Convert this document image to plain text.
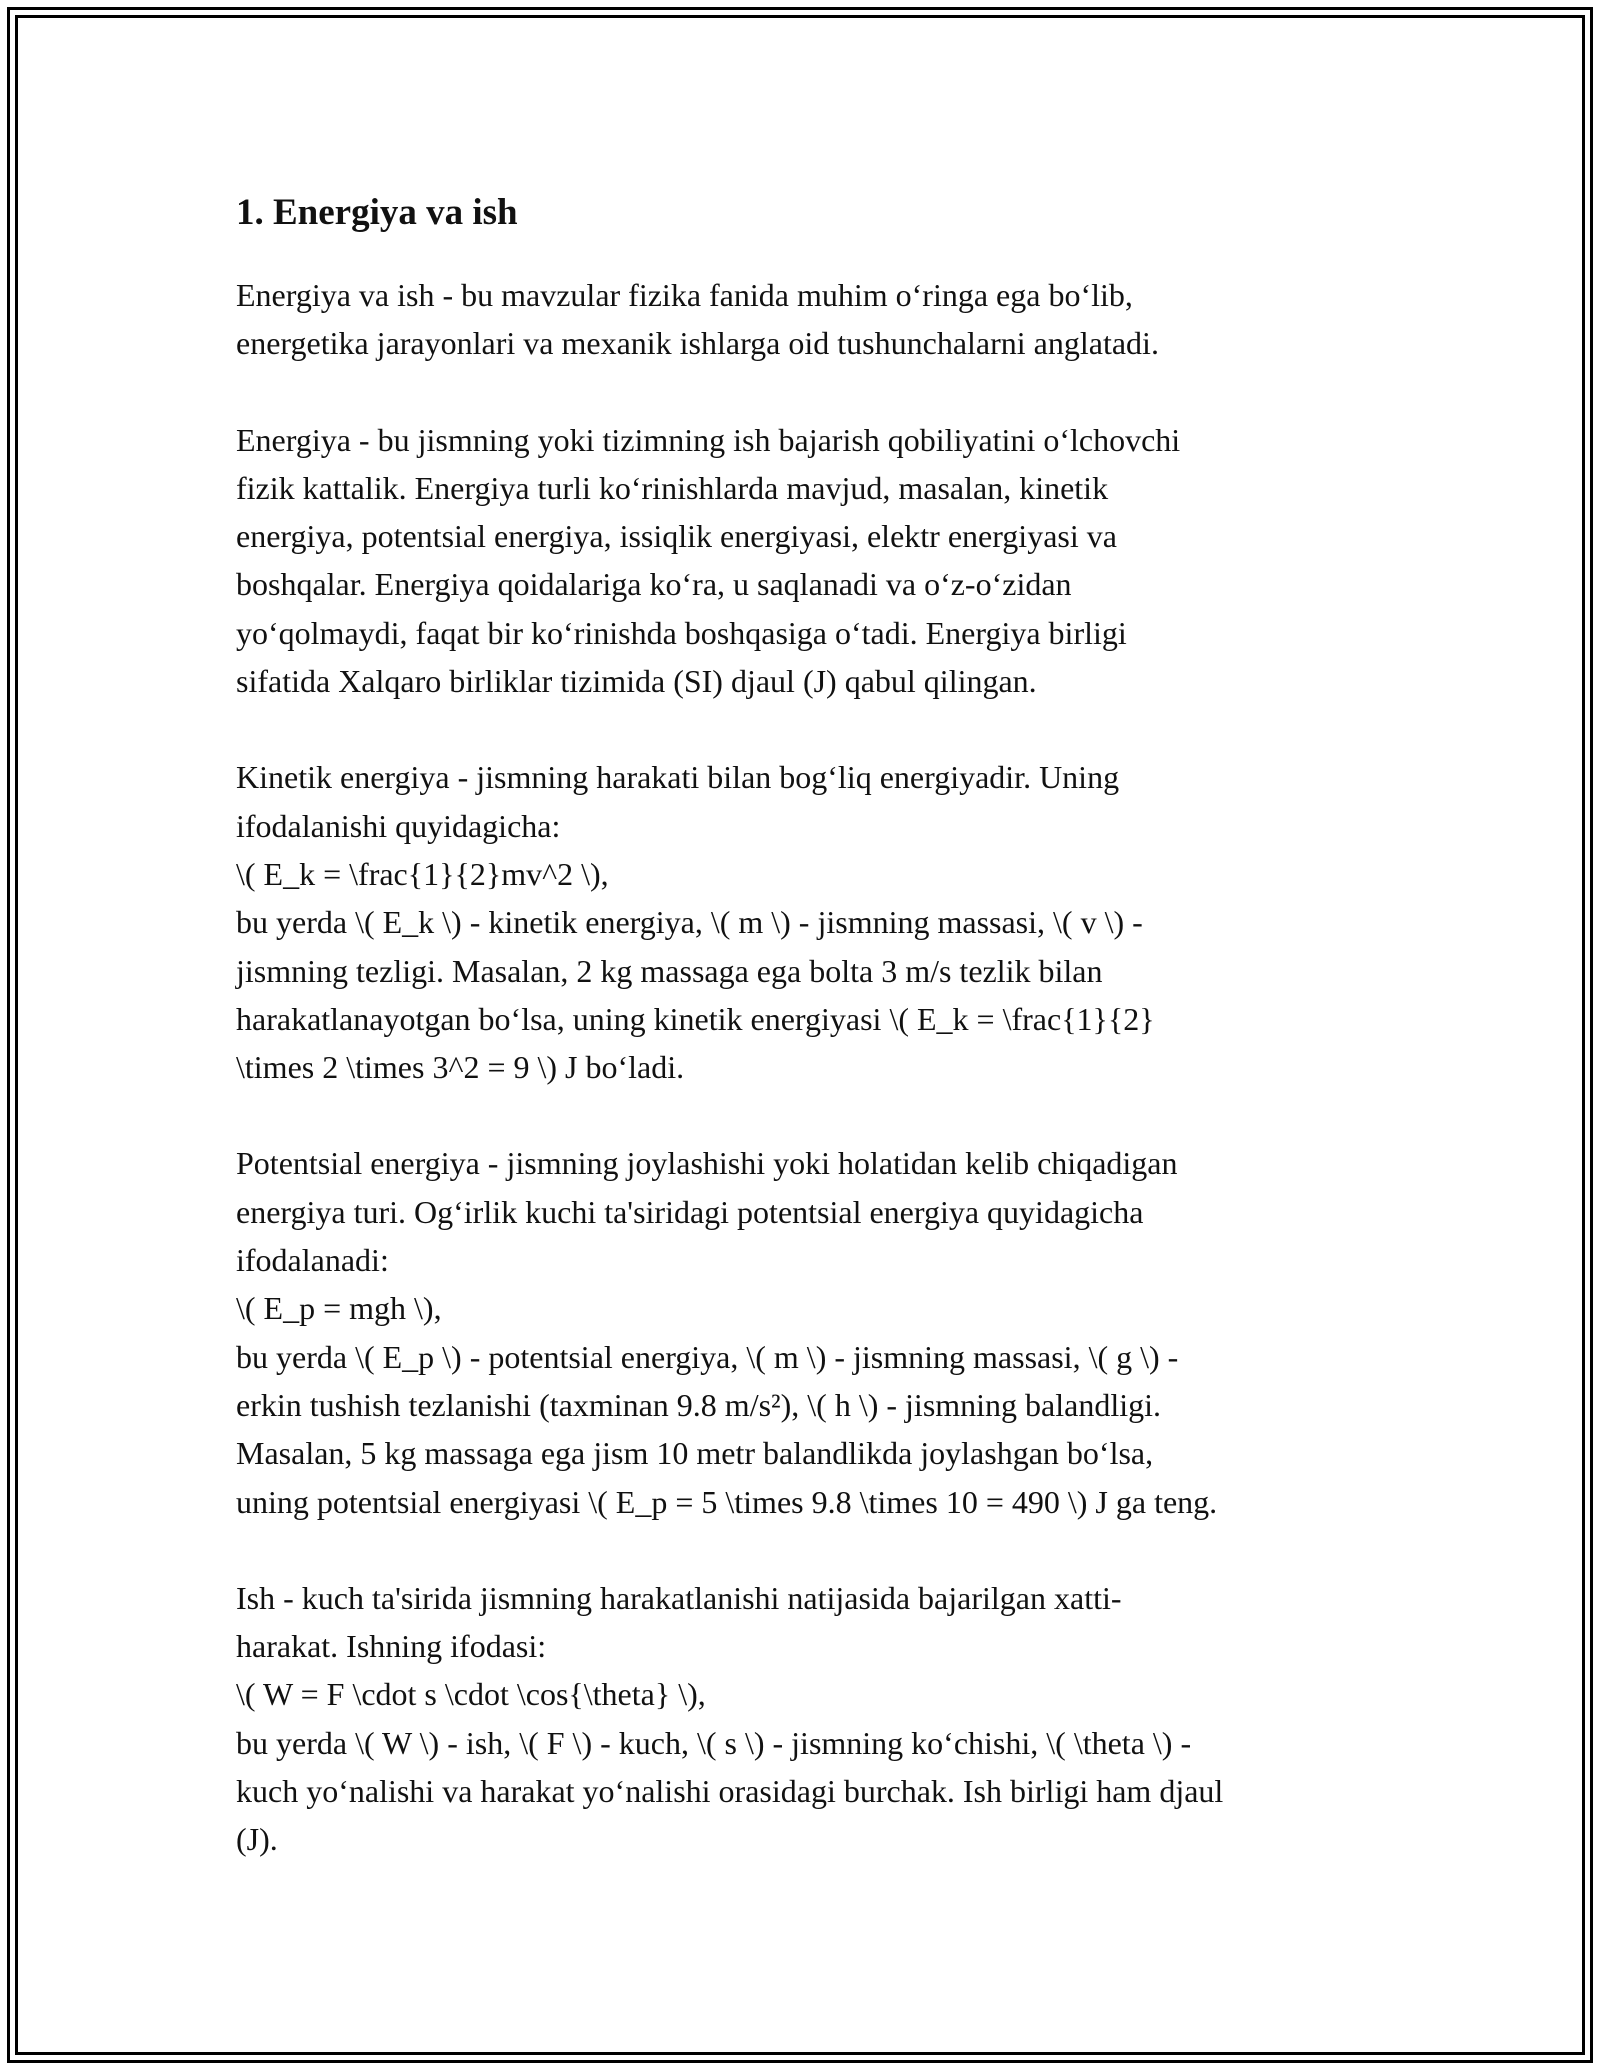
1. Energiya va ish

Energiya va ish - bu mavzular fizika fanida muhim oʻringa ega boʻlib,
energetika jarayonlari va mexanik ishlarga oid tushunchalarni anglatadi.

Energiya - bu jismning yoki tizimning ish bajarish qobiliyatini oʻlchovchi
fizik kattalik. Energiya turli koʻrinishlarda mavjud, masalan, kinetik
energiya, potentsial energiya, issiqlik energiyasi, elektr energiyasi va
boshqalar. Energiya qoidalariga koʻra, u saqlanadi va oʻz-oʻzidan
yoʻqolmaydi, faqat bir koʻrinishda boshqasiga oʻtadi. Energiya birligi
sifatida Xalqaro birliklar tizimida (SI) djaul (J) qabul qilingan.

Kinetik energiya - jismning harakati bilan bogʻliq energiyadir. Uning
ifodalanishi quyidagicha:
\( E_k = \frac{1}{2}mv^2 \),
bu yerda \( E_k \) - kinetik energiya, \( m \) - jismning massasi, \( v \) -
jismning tezligi. Masalan, 2 kg massaga ega bolta 3 m/s tezlik bilan
harakatlanayotgan boʻlsa, uning kinetik energiyasi \( E_k = \frac{1}{2}
\times 2 \times 3^2 = 9 \) J boʻladi.

Potentsial energiya - jismning joylashishi yoki holatidan kelib chiqadigan
energiya turi. Ogʻirlik kuchi ta'siridagi potentsial energiya quyidagicha
ifodalanadi:
\( E_p = mgh \),
bu yerda \( E_p \) - potentsial energiya, \( m \) - jismning massasi, \( g \) -
erkin tushish tezlanishi (taxminan 9.8 m/s²), \( h \) - jismning balandligi.
Masalan, 5 kg massaga ega jism 10 metr balandlikda joylashgan boʻlsa,
uning potentsial energiyasi \( E_p = 5 \times 9.8 \times 10 = 490 \) J ga teng.

Ish - kuch ta'sirida jismning harakatlanishi natijasida bajarilgan xatti-
harakat. Ishning ifodasi:
\( W = F \cdot s \cdot \cos{\theta} \),
bu yerda \( W \) - ish, \( F \) - kuch, \( s \) - jismning koʻchishi, \( \theta \) -
kuch yoʻnalishi va harakat yoʻnalishi orasidagi burchak. Ish birligi ham djaul
(J).
